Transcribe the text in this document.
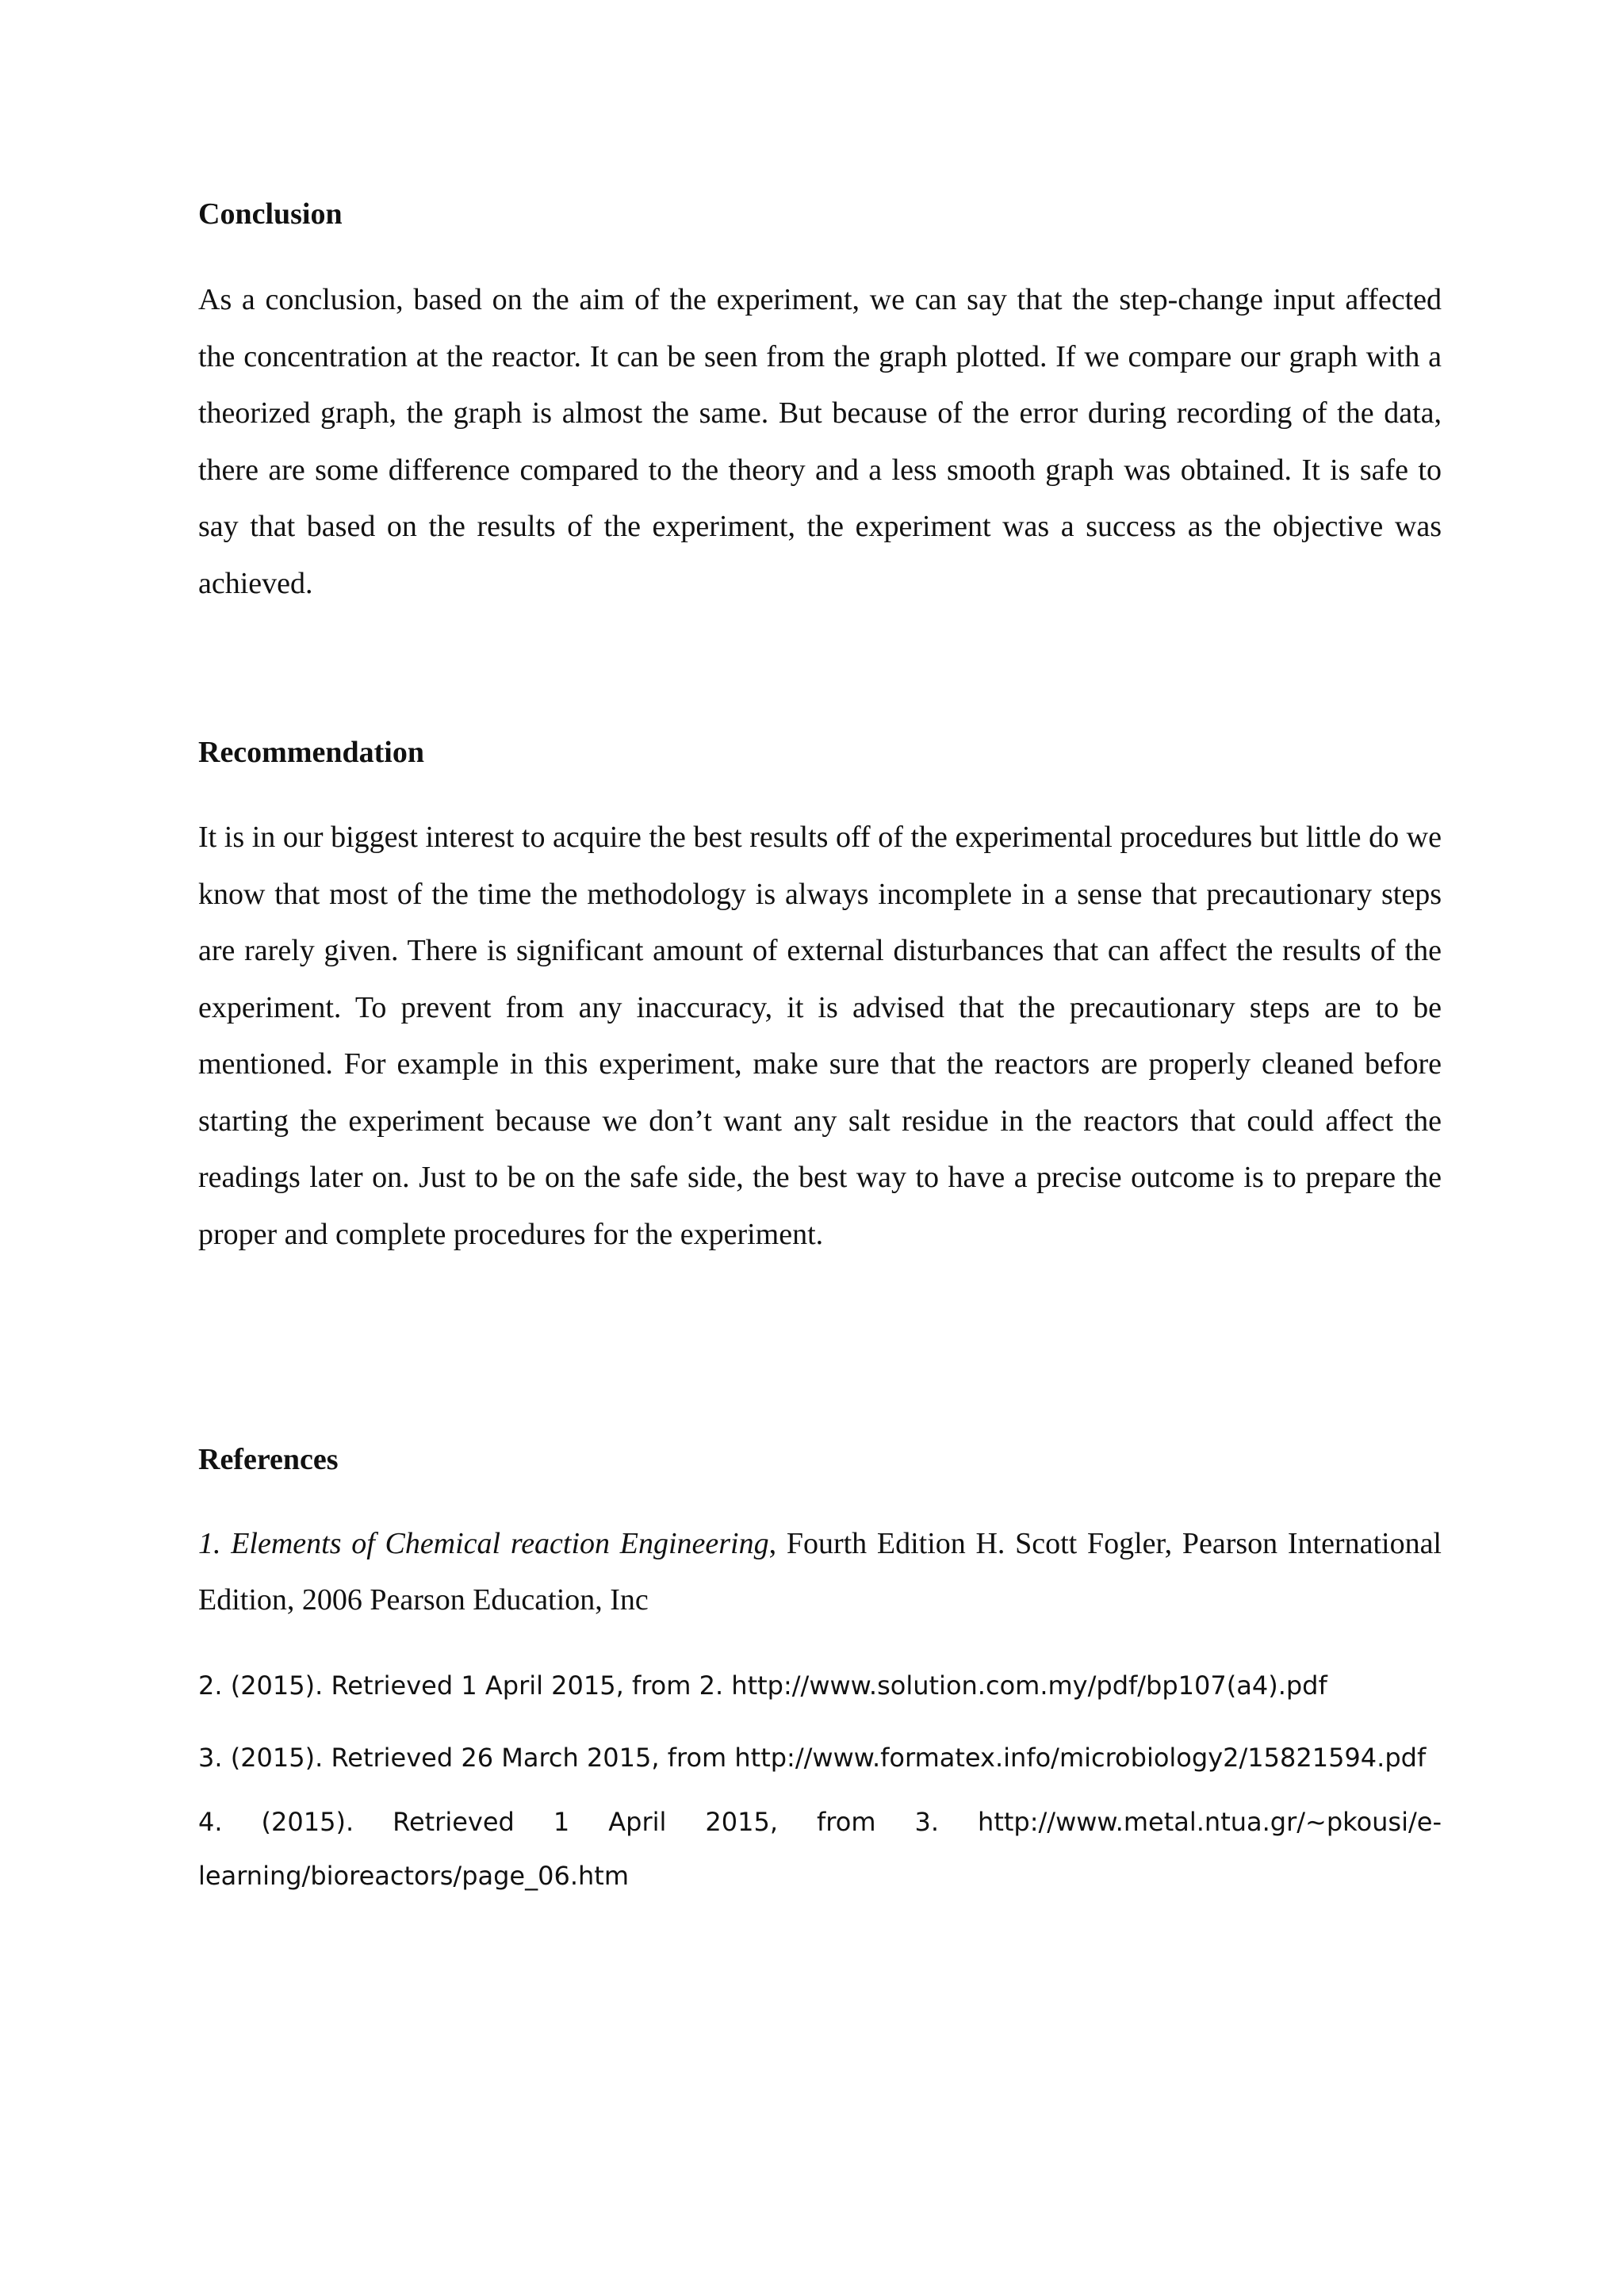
Conclusion

As a conclusion, based on the aim of the experiment, we can say that the step-change input affected the concentration at the reactor. It can be seen from the graph plotted. If we compare our graph with a theorized graph, the graph is almost the same. But because of the error during recording of the data, there are some difference compared to the theory and a less smooth graph was obtained. It is safe to say that based on the results of the experiment, the experiment was a success as the objective was achieved.

Recommendation

It is in our biggest interest to acquire the best results off of the experimental procedures but little do we know that most of the time the methodology is always incomplete in a sense that precautionary steps are rarely given. There is significant amount of external disturbances that can affect the results of the experiment. To prevent from any inaccuracy, it is advised that the precautionary steps are to be mentioned. For example in this experiment, make sure that the reactors are properly cleaned before starting the experiment because we don’t want any salt residue in the reactors that could affect the readings later on. Just to be on the safe side, the best way to have a precise outcome is to prepare the proper and complete procedures for the experiment.

References

1. Elements of Chemical reaction Engineering, Fourth Edition H. Scott Fogler, Pearson International Edition, 2006 Pearson Education, Inc

2. (2015). Retrieved 1 April 2015, from 2. http://www.solution.com.my/pdf/bp107(a4).pdf

3. (2015). Retrieved 26 March 2015, from http://www.formatex.info/microbiology2/15821594.pdf

4. (2015). Retrieved 1 April 2015, from 3. http://www.metal.ntua.gr/~pkousi/e-
learning/bioreactors/page_06.htm
